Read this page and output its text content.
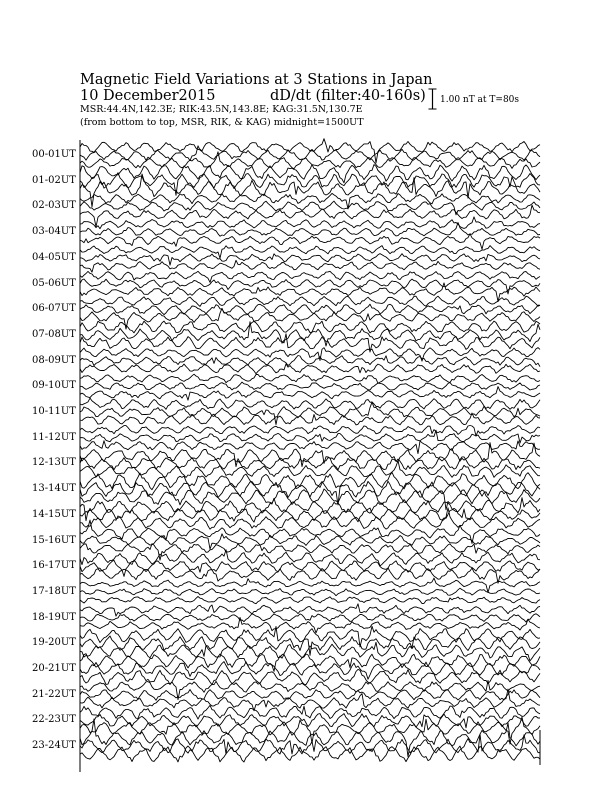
Magnetic Field Variations at 3 Stations in Japan
10 December2015	dD/dt (filter:40-160s)
MSR:44.4N,142.3E; RIK:43.5N,143.8E; KAG:31.5N,130.7E
(from bottom to top, MSR, RIK, & KAG) midnight=1500UT
1.00 nT at T=80s
00-01UT
01-02UT
02-03UT
03-04UT
04-05UT
05-06UT
06-07UT
07-08UT
08-09UT
09-10UT
10-11UT
11-12UT
12-13UT
13-14UT
14-15UT
15-16UT
16-17UT
17-18UT
18-19UT
19-20UT
20-21UT
21-22UT
22-23UT
23-24UT
